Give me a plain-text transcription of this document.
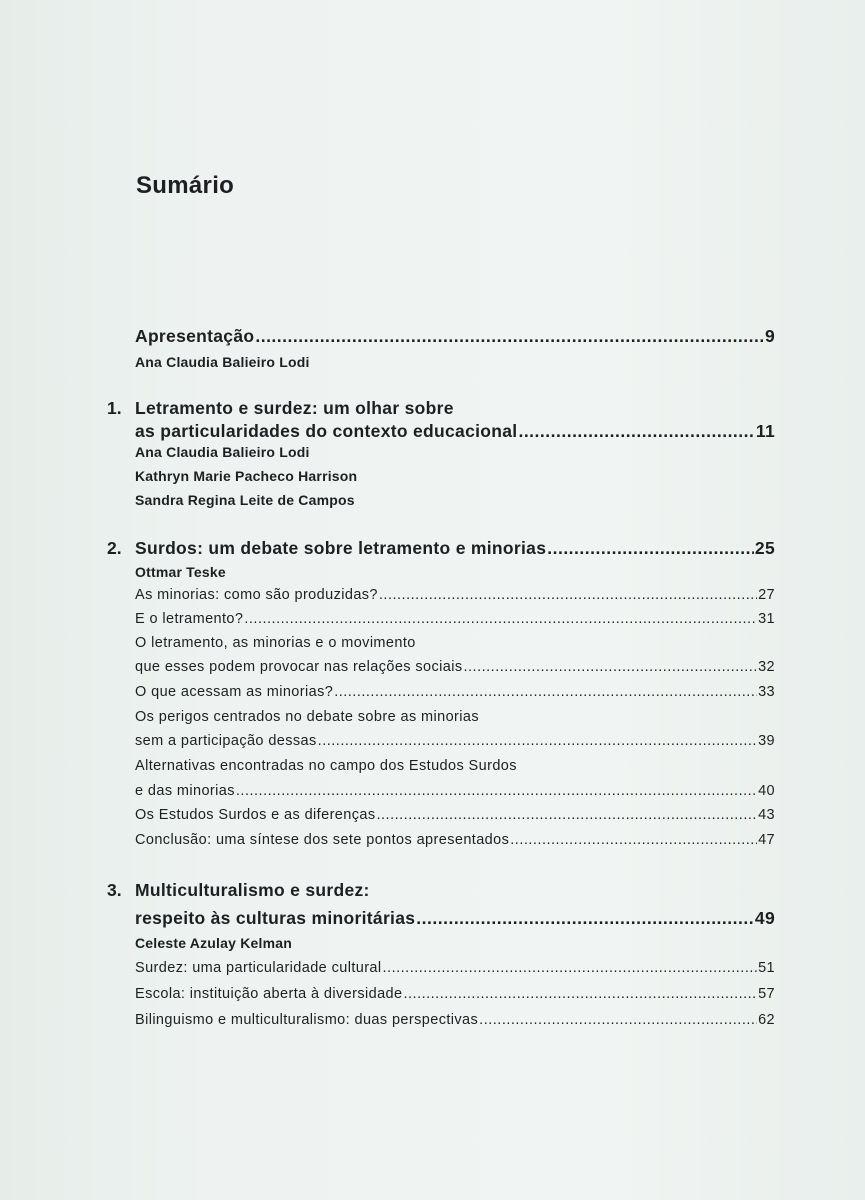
Sumário
Apresentação .....	9
Ana Claudia Balieiro Lodi
1. Letramento e surdez: um olhar sobre
as particularidades do contexto educacional .....	11
Ana Claudia Balieiro Lodi
Kathryn Marie Pacheco Harrison
Sandra Regina Leite de Campos
2. Surdos: um debate sobre letramento e minorias .....	25
Ottmar Teske
As minorias: como são produzidas? .....	27
E o letramento? .....	31
O letramento, as minorias e o movimento
que esses podem provocar nas relações sociais .....	32
O que acessam as minorias? .....	33
Os perigos centrados no debate sobre as minorias
sem a participação dessas .....	39
Alternativas encontradas no campo dos Estudos Surdos
e das minorias .....	40
Os Estudos Surdos e as diferenças .....	43
Conclusão: uma síntese dos sete pontos apresentados .....	47
3. Multiculturalismo e surdez:
respeito às culturas minoritárias .....	49
Celeste Azulay Kelman
Surdez: uma particularidade cultural .....	51
Escola: instituição aberta à diversidade .....	57
Bilinguismo e multiculturalismo: duas perspectivas .....	62
